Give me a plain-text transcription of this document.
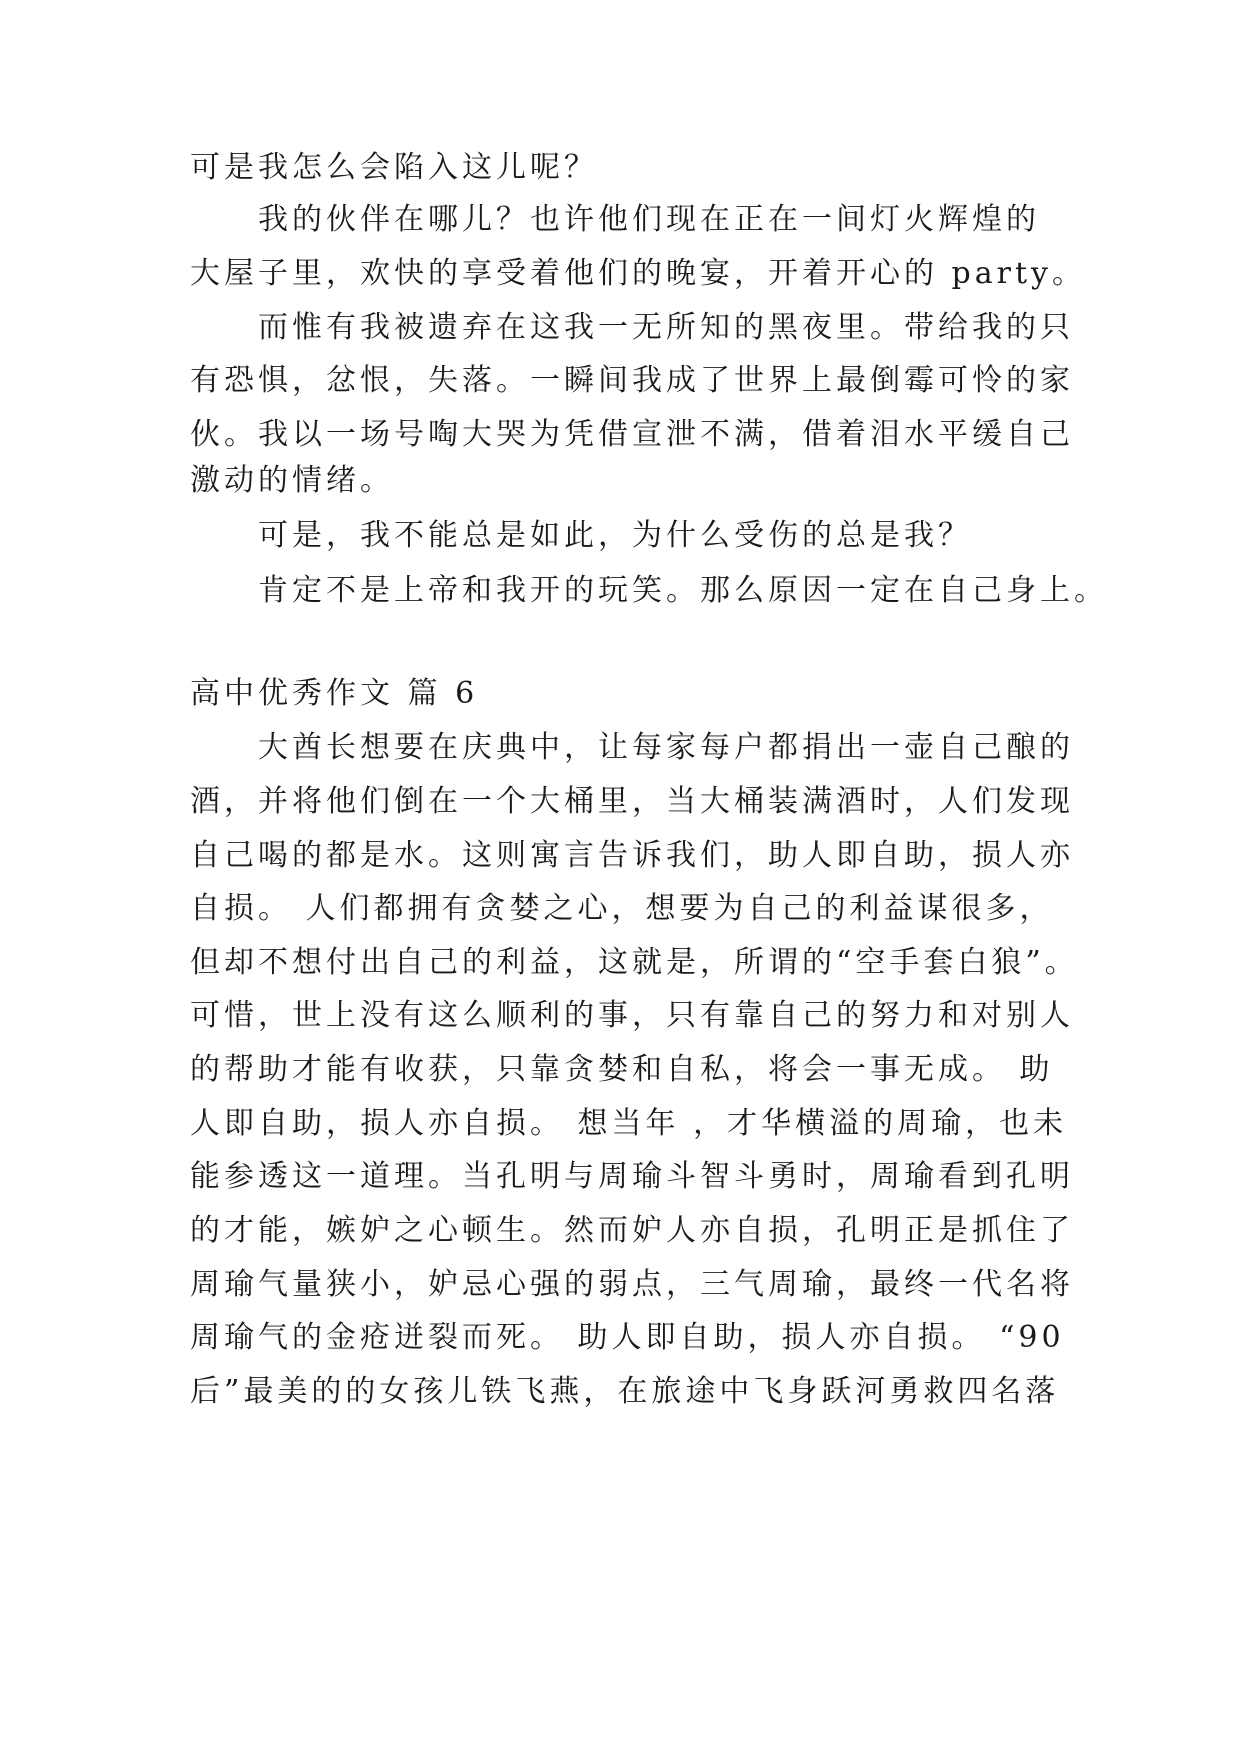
可是我怎么会陷入这儿呢？
我的伙伴在哪儿？也许他们现在正在一间灯火辉煌的
大屋子里，欢快的享受着他们的晚宴，开着开心的 party。
而惟有我被遗弃在这我一无所知的黑夜里。带给我的只
有恐惧，忿恨，失落。一瞬间我成了世界上最倒霉可怜的家
伙。我以一场号啕大哭为凭借宣泄不满，借着泪水平缓自己
激动的情绪。
可是，我不能总是如此，为什么受伤的总是我？
肯定不是上帝和我开的玩笑。那么原因一定在自己身上。
高中优秀作文 篇 6
大酋长想要在庆典中，让每家每户都捐出一壶自己酿的
酒，并将他们倒在一个大桶里，当大桶装满酒时，人们发现
自己喝的都是水。这则寓言告诉我们，助人即自助，损人亦
自损。 人们都拥有贪婪之心，想要为自己的利益谋很多，
但却不想付出自己的利益，这就是，所谓的“空手套白狼”。
可惜，世上没有这么顺利的事，只有靠自己的努力和对别人
的帮助才能有收获，只靠贪婪和自私，将会一事无成。 助
人即自助，损人亦自损。 想当年 ，才华横溢的周瑜，也未
能参透这一道理。当孔明与周瑜斗智斗勇时，周瑜看到孔明
的才能，嫉妒之心顿生。然而妒人亦自损，孔明正是抓住了
周瑜气量狭小，妒忌心强的弱点，三气周瑜，最终一代名将
周瑜气的金疮迸裂而死。 助人即自助，损人亦自损。 “90
后”最美的的女孩儿铁飞燕，在旅途中飞身跃河勇救四名落
